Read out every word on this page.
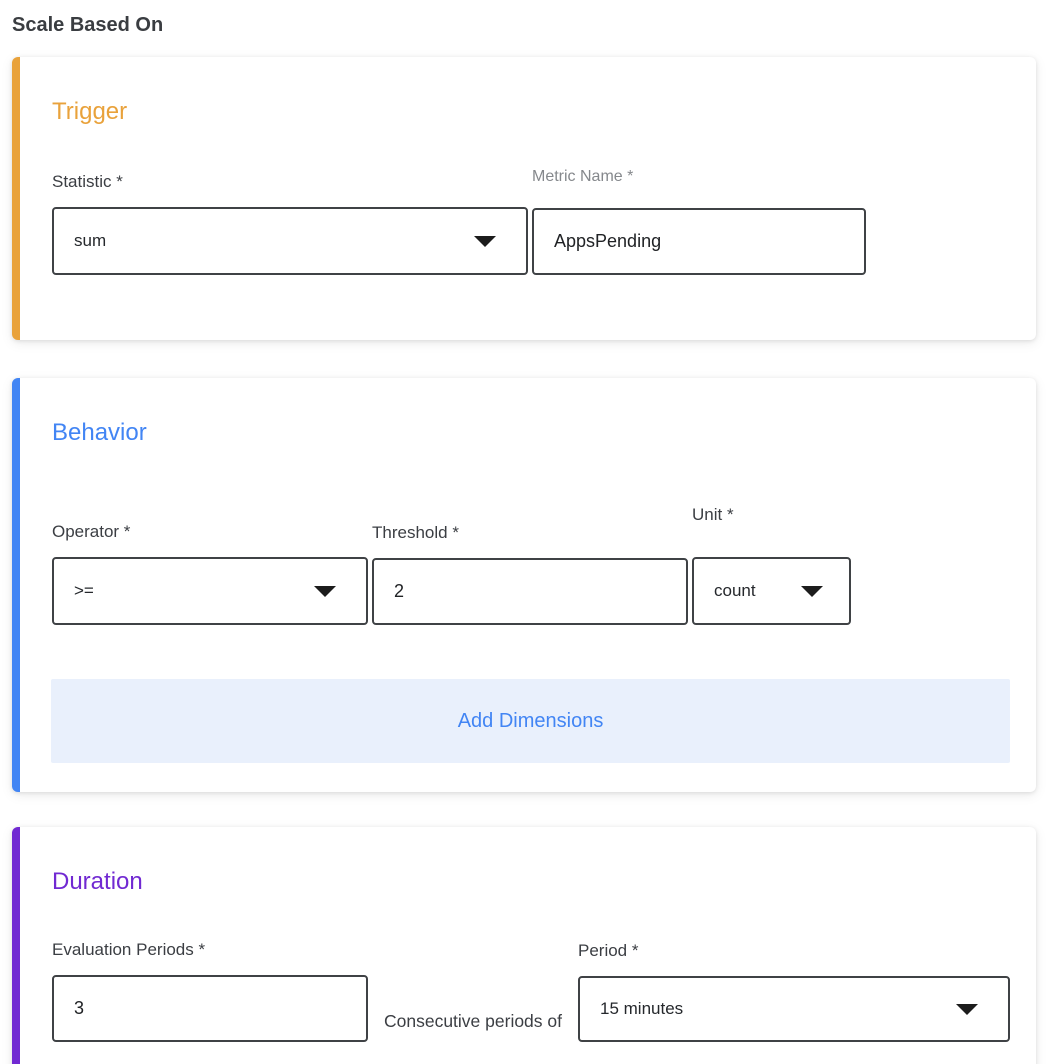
Scale Based On
Trigger
Statistic *
sum
Metric Name *
AppsPending
Behavior
Operator *
>=
Threshold *
2
Unit *
count
Add Dimensions
Duration
Evaluation Periods *
3
Consecutive periods of
Period *
15 minutes
